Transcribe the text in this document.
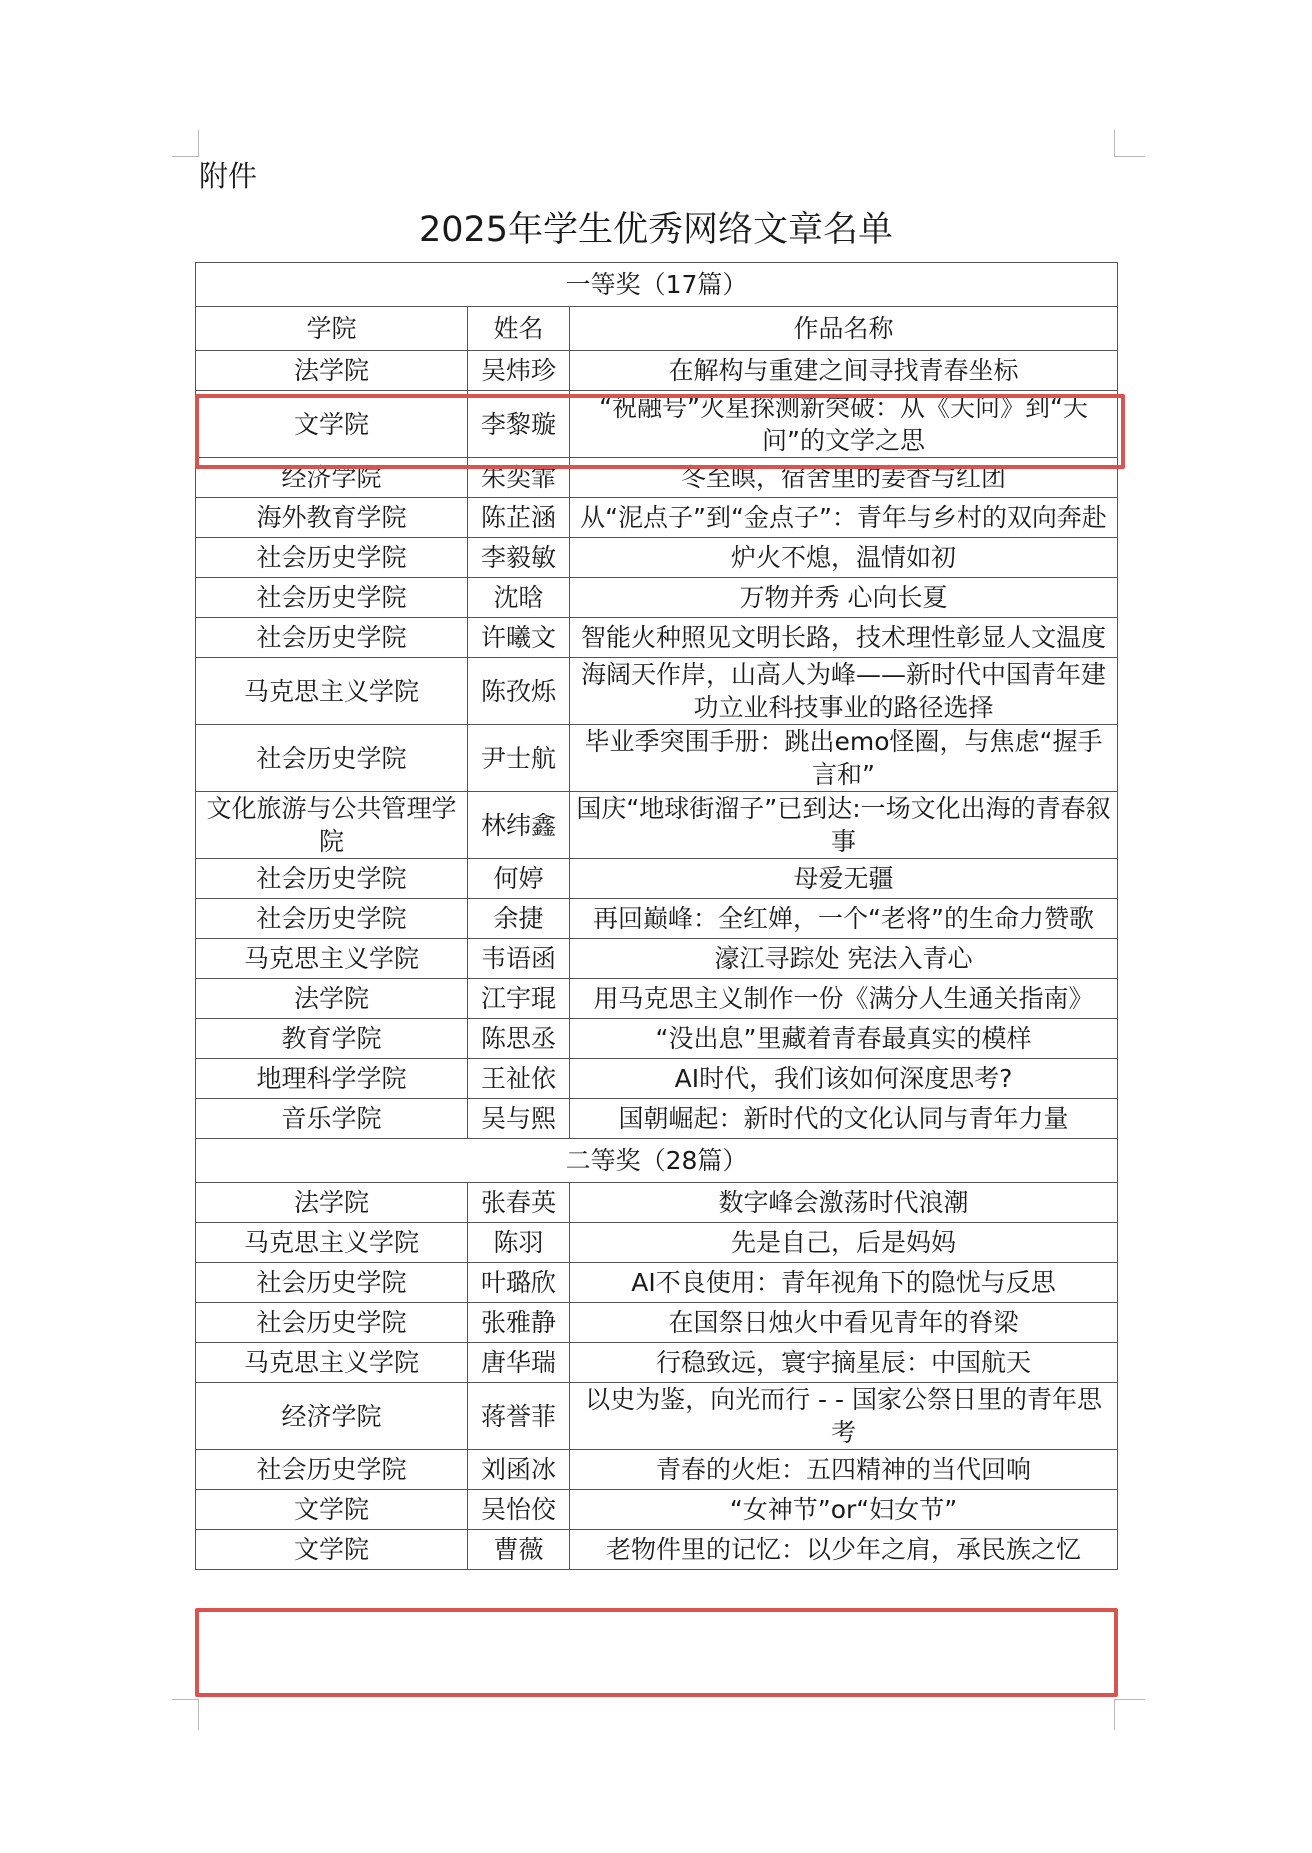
附件
2025年学生优秀网络文章名单
一等奖（17篇）		
学院	姓名	作品名称
法学院	吴炜珍	在解构与重建之间寻找青春坐标
文学院	李黎璇	“祝融号”火星探测新突破：从《天问》到“天问”的文学之思
经济学院	朱奕霏	冬至暝，宿舍里的姜香与红团
海外教育学院	陈芷涵	从“泥点子”到“金点子”：青年与乡村的双向奔赴
社会历史学院	李毅敏	炉火不熄，温情如初
社会历史学院	沈晗	万物并秀 心向长夏
社会历史学院	许曦文	智能火种照见文明长路，技术理性彰显人文温度
马克思主义学院	陈孜烁	海阔天作岸，山高人为峰——新时代中国青年建功立业科技事业的路径选择
社会历史学院	尹士航	毕业季突围手册：跳出emo怪圈，与焦虑“握手言和”
文化旅游与公共管理学院	林纬鑫	国庆“地球街溜子”已到达:一场文化出海的青春叙事
社会历史学院	何婷	母爱无疆
社会历史学院	余捷	再回巅峰：全红婵，一个“老将”的生命力赞歌
马克思主义学院	韦语函	濠江寻踪处 宪法入青心
法学院	江宇琨	用马克思主义制作一份《满分人生通关指南》
教育学院	陈思丞	“没出息”里藏着青春最真实的模样
地理科学学院	王祉依	AI时代，我们该如何深度思考?
音乐学院	吴与熙	国朝崛起：新时代的文化认同与青年力量
二等奖（28篇）		
法学院	张春英	数字峰会激荡时代浪潮
马克思主义学院	陈羽	先是自己，后是妈妈
社会历史学院	叶璐欣	AI不良使用：青年视角下的隐忧与反思
社会历史学院	张雅静	在国祭日烛火中看见青年的脊梁
马克思主义学院	唐华瑞	行稳致远，寰宇摘星辰：中国航天
经济学院	蒋誉菲	以史为鉴，向光而行 - - 国家公祭日里的青年思考
社会历史学院	刘函冰	青春的火炬：五四精神的当代回响
文学院	吴怡佼	“女神节”or“妇女节”
文学院	曹薇	老物件里的记忆：以少年之肩，承民族之忆
